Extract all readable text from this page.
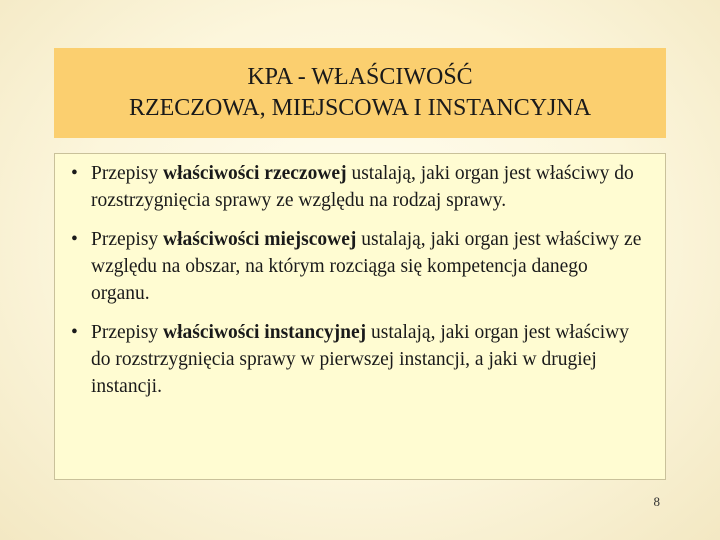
KPA - WŁAŚCIWOŚĆ
RZECZOWA, MIEJSCOWA I INSTANCYJNA
• Przepisy właściwości rzeczowej ustalają, jaki organ jest właściwy do rozstrzygnięcia sprawy ze względu na rodzaj sprawy.
• Przepisy właściwości miejscowej ustalają, jaki organ jest właściwy ze względu na obszar, na którym rozciąga się kompetencja danego organu.
• Przepisy właściwości instancyjnej ustalają, jaki organ jest właściwy do rozstrzygnięcia sprawy w pierwszej instancji, a jaki w drugiej instancji.
8
